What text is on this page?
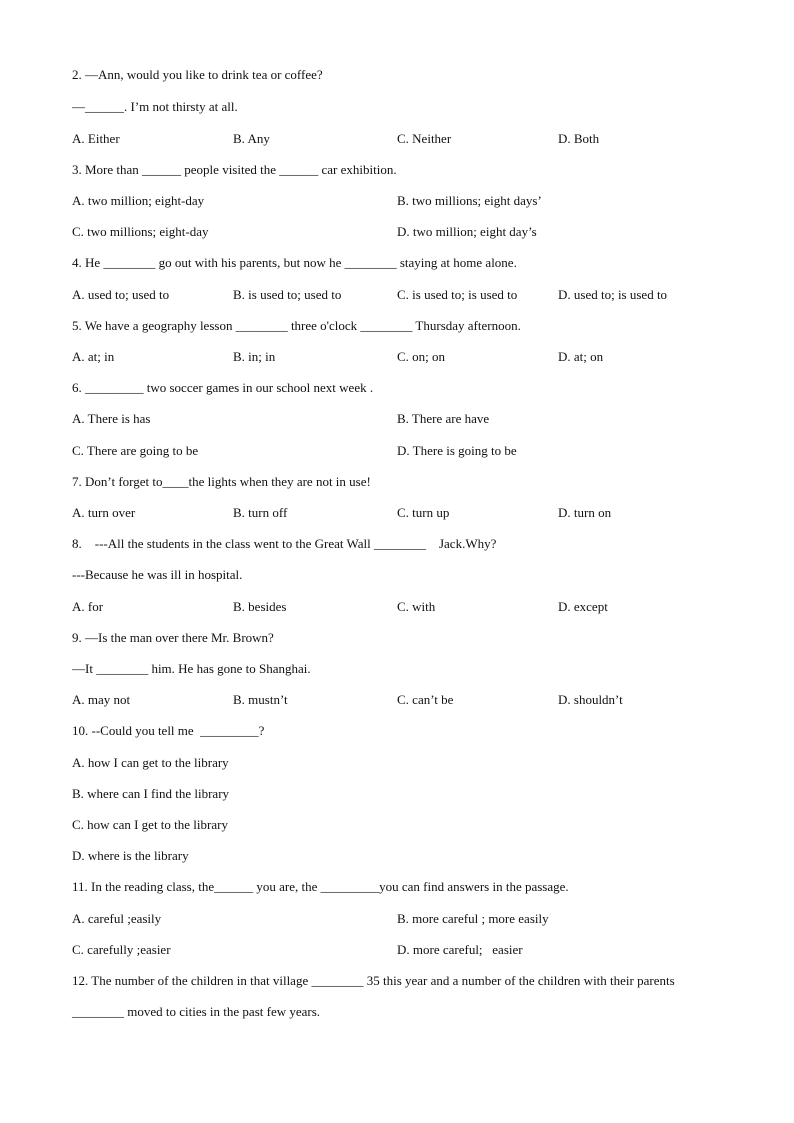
2. —Ann, would you like to drink tea or coffee?
—______. I’m not thirsty at all.
A. Either	B. Any	C. Neither	D. Both
3. More than ______ people visited the ______ car exhibition.
A. two million; eight-day	B. two millions; eight days’
C. two millions; eight-day	D. two million; eight day’s
4. He ________ go out with his parents, but now he ________ staying at home alone.
A. used to; used to	B. is used to; used to	C. is used to; is used to	D. used to; is used to
5. We have a geography lesson ________ three o'clock ________ Thursday afternoon.
A. at; in	B. in; in	C. on; on	D. at; on
6. _________ two soccer games in our school next week .
A. There is has	B. There are have
C. There are going to be	D. There is going to be
7. Don’t forget to____the lights when they are not in use!
A. turn over	B. turn off	C. turn up	D. turn on
8.    ---All the students in the class went to the Great Wall ________    Jack.Why?
---Because he was ill in hospital.
A. for	B. besides	C. with	D. except
9. —Is the man over there Mr. Brown?
—It ________ him. He has gone to Shanghai.
A. may not	B. mustn’t	C. can’t be	D. shouldn’t
10. --Could you tell me  _________?
A. how I can get to the library
B. where can I find the library
C. how can I get to the library
D. where is the library
11. In the reading class, the______ you are, the _________you can find answers in the passage.
A. careful ;easily	B. more careful ; more easily
C. carefully ;easier	D. more careful;   easier
12. The number of the children in that village ________ 35 this year and a number of the children with their parents
________ moved to cities in the past few years.
